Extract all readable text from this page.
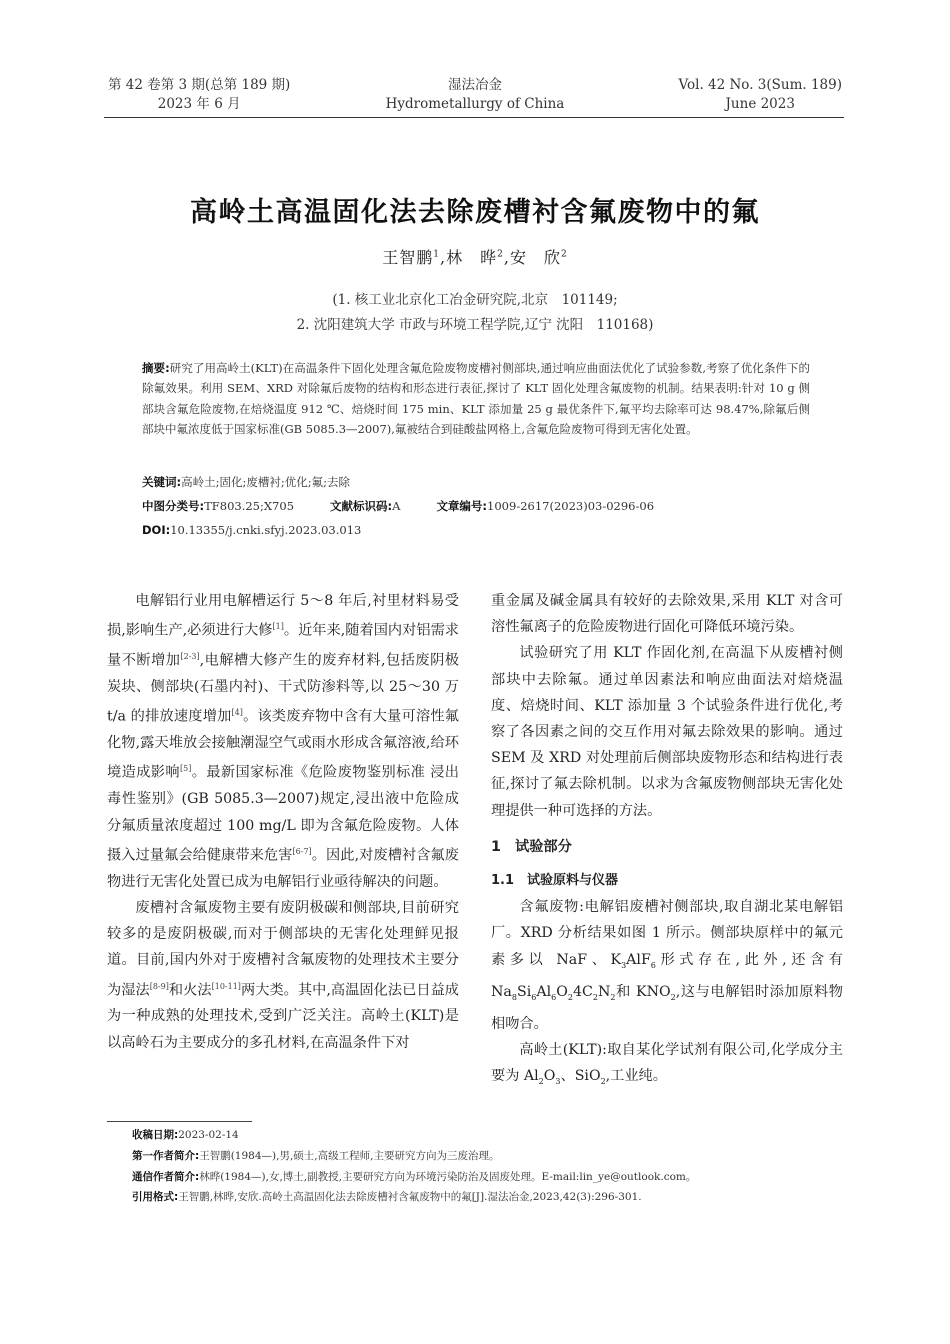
第 42 卷第 3 期(总第 189 期)
2023 年 6 月
湿法冶金
Hydrometallurgy of China
Vol. 42 No. 3(Sum. 189)
June 2023
高岭土高温固化法去除废槽衬含氟废物中的氟
王智鹏$^1$,林　晔$^2$,安　欣$^2$
(1. 核工业北京化工冶金研究院,北京　101149;
2. 沈阳建筑大学 市政与环境工程学院,辽宁 沈阳　110168)
摘要:研究了用高岭土(KLT)在高温条件下固化处理含氟危险废物废槽衬侧部块,通过响应曲面法优化了试验参数,考察了优化条件下的除氟效果。利用 SEM、XRD 对除氟后废物的结构和形态进行表征,探讨了 KLT 固化处理含氟废物的机制。结果表明:针对 10 g 侧部块含氟危险废物,在焙烧温度 912 ℃、焙烧时间 175 min、KLT 添加量 25 g 最优条件下,氟平均去除率可达 98.47%,除氟后侧部块中氟浓度低于国家标准(GB 5085.3—2007),氟被结合到硅酸盐网格上,含氟危险废物可得到无害化处置。
关键词:高岭土;固化;废槽衬;优化;氟;去除
中图分类号:TF803.25;X705	文献标识码:A	文章编号:1009-2617(2023)03-0296-06
DOI:10.13355/j.cnki.sfyj.2023.03.013

电解铝行业用电解槽运行 5～8 年后,衬里材料易受损,影响生产,必须进行大修[1]。近年来,随着国内对铝需求量不断增加[2-3],电解槽大修产生的废弃材料,包括废阴极炭块、侧部块(石墨内衬)、干式防渗料等,以 25～30 万 t/a 的排放速度增加[4]。该类废弃物中含有大量可溶性氟化物,露天堆放会接触潮湿空气或雨水形成含氟溶液,给环境造成影响[5]。最新国家标准《危险废物鉴别标准 浸出毒性鉴别》(GB 5085.3—2007)规定,浸出液中危险成分氟质量浓度超过 100 mg/L 即为含氟危险废物。人体摄入过量氟会给健康带来危害[6-7]。因此,对废槽衬含氟废物进行无害化处置已成为电解铝行业亟待解决的问题。

废槽衬含氟废物主要有废阴极碳和侧部块,目前研究较多的是废阴极碳,而对于侧部块的无害化处理鲜见报道。目前,国内外对于废槽衬含氟废物的处理技术主要分为湿法[8-9]和火法[10-11]两大类。其中,高温固化法已日益成为一种成熟的处理技术,受到广泛关注。高岭土(KLT)是以高岭石为主要成分的多孔材料,在高温条件下对

重金属及碱金属具有较好的去除效果,采用 KLT 对含可溶性氟离子的危险废物进行固化可降低环境污染。

试验研究了用 KLT 作固化剂,在高温下从废槽衬侧部块中去除氟。通过单因素法和响应曲面法对焙烧温度、焙烧时间、KLT 添加量 3 个试验条件进行优化,考察了各因素之间的交互作用对氟去除效果的影响。通过 SEM 及 XRD 对处理前后侧部块废物形态和结构进行表征,探讨了氟去除机制。以求为含氟废物侧部块无害化处理提供一种可选择的方法。

1　试验部分

1.1　试验原料与仪器

含氟废物:电解铝废槽衬侧部块,取自湖北某电解铝厂。XRD 分析结果如图 1 所示。侧部块原样中的氟元素多以 NaF、$K_3AlF_6$形式存在,此外,还含有 $Na_8Si_6Al_6O_24C_2N_2$和 $KNO_2$,这与电解铝时添加原料物相吻合。

高岭土(KLT):取自某化学试剂有限公司,化学成分主要为 $Al_2O_3$、SiO$_2$,工业纯。

收稿日期:2023-02-14
第一作者简介:王智鹏(1984—),男,硕士,高级工程师,主要研究方向为三废治理。
通信作者简介:林晔(1984—),女,博士,副教授,主要研究方向为环境污染防治及固废处理。E-mail:lin_ye@outlook.com。
引用格式:王智鹏,林晔,安欣.高岭土高温固化法去除废槽衬含氟废物中的氟[J].湿法冶金,2023,42(3):296-301.
